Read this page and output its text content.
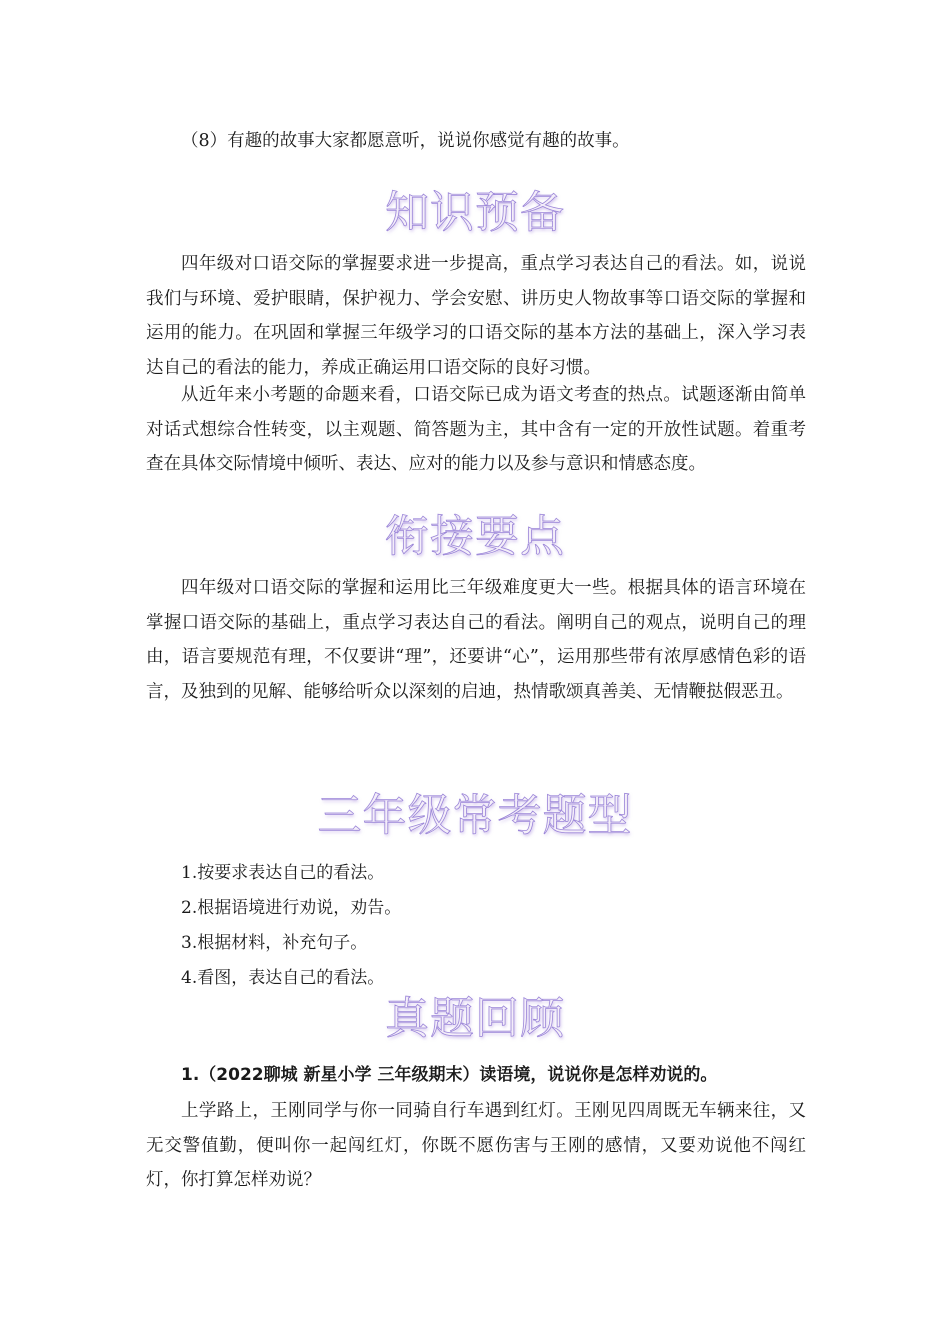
（8）有趣的故事大家都愿意听，说说你感觉有趣的故事。
知识预备
四年级对口语交际的掌握要求进一步提高，重点学习表达自己的看法。如，说说我们与环境、爱护眼睛，保护视力、学会安慰、讲历史人物故事等口语交际的掌握和运用的能力。在巩固和掌握三年级学习的口语交际的基本方法的基础上，深入学习表达自己的看法的能力，养成正确运用口语交际的良好习惯。
从近年来小考题的命题来看，口语交际已成为语文考查的热点。试题逐渐由简单对话式想综合性转变，以主观题、简答题为主，其中含有一定的开放性试题。着重考查在具体交际情境中倾听、表达、应对的能力以及参与意识和情感态度。
衔接要点
四年级对口语交际的掌握和运用比三年级难度更大一些。根据具体的语言环境在掌握口语交际的基础上，重点学习表达自己的看法。阐明自己的观点，说明自己的理由，语言要规范有理，不仅要讲“理”，还要讲“心”，运用那些带有浓厚感情色彩的语言，及独到的见解、能够给听众以深刻的启迪，热情歌颂真善美、无情鞭挞假恶丑。
三年级常考题型
1.按要求表达自己的看法。
2.根据语境进行劝说，劝告。
3.根据材料，补充句子。
4.看图，表达自己的看法。
真题回顾
1.（2022聊城 新星小学 三年级期末）读语境，说说你是怎样劝说的。
上学路上，王刚同学与你一同骑自行车遇到红灯。王刚见四周既无车辆来往，又无交警值勤，便叫你一起闯红灯，你既不愿伤害与王刚的感情，又要劝说他不闯红灯，你打算怎样劝说？
